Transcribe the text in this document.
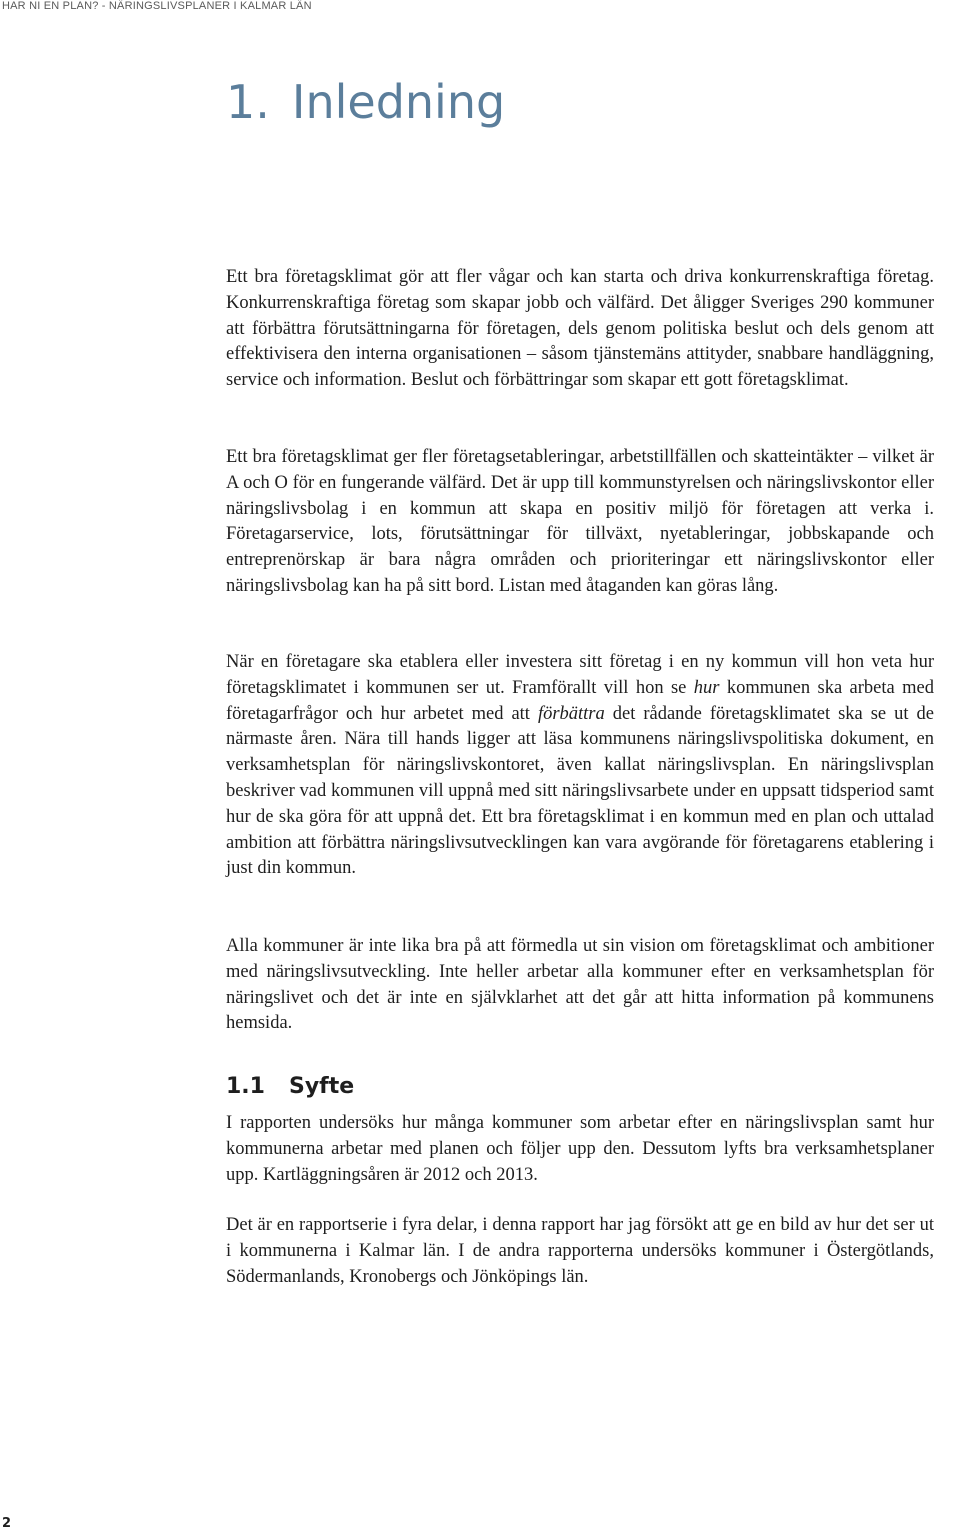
HAR NI EN PLAN? - NÄRINGSLIVSPLANER I KALMAR LÄN
1. Inledning

Ett bra företagsklimat gör att fler vågar och kan starta och driva konkurrenskraftiga företag. Konkurrenskraftiga företag som skapar jobb och välfärd. Det åligger Sveriges 290 kommuner att förbättra förutsättningarna för företagen, dels genom politiska beslut och dels genom att effektivisera den interna organisationen – såsom tjänstemäns attityder, snabbare handläggning, service och information. Beslut och förbättringar som skapar ett gott företagsklimat.

Ett bra företagsklimat ger fler företagsetableringar, arbetstillfällen och skatteintäkter – vilket är A och O för en fungerande välfärd. Det är upp till kommunstyrelsen och näringslivskontor eller näringslivsbolag i en kommun att skapa en positiv miljö för företagen att verka i. Företagarservice, lots, förutsättningar för tillväxt, nyetableringar, jobbskapande och entreprenörskap är bara några områden och prioriteringar ett näringslivskontor eller näringslivsbolag kan ha på sitt bord. Listan med åtaganden kan göras lång.

När en företagare ska etablera eller investera sitt företag i en ny kommun vill hon veta hur företagsklimatet i kommunen ser ut. Framförallt vill hon se hur kommunen ska arbeta med företagarfrågor och hur arbetet med att förbättra det rådande företagsklimatet ska se ut de närmaste åren. Nära till hands ligger att läsa kommunens näringslivspolitiska dokument, en verksamhetsplan för näringslivskontoret, även kallat näringslivsplan. En näringslivsplan beskriver vad kommunen vill uppnå med sitt näringslivsarbete under en uppsatt tidsperiod samt hur de ska göra för att uppnå det. Ett bra företagsklimat i en kommun med en plan och uttalad ambition att förbättra näringslivsutvecklingen kan vara avgörande för företagarens etablering i just din kommun.

Alla kommuner är inte lika bra på att förmedla ut sin vision om företagsklimat och ambitioner med näringslivsutveckling. Inte heller arbetar alla kommuner efter en verksamhetsplan för näringslivet och det är inte en självklarhet att det går att hitta information på kommunens hemsida.

1.1 Syfte

I rapporten undersöks hur många kommuner som arbetar efter en näringslivsplan samt hur kommunerna arbetar med planen och följer upp den. Dessutom lyfts bra verksamhetsplaner upp. Kartläggningsåren är 2012 och 2013.

Det är en rapportserie i fyra delar, i denna rapport har jag försökt att ge en bild av hur det ser ut i kommunerna i Kalmar län. I de andra rapporterna undersöks kommuner i Östergötlands, Södermanlands, Kronobergs och Jönköpings län.

2
